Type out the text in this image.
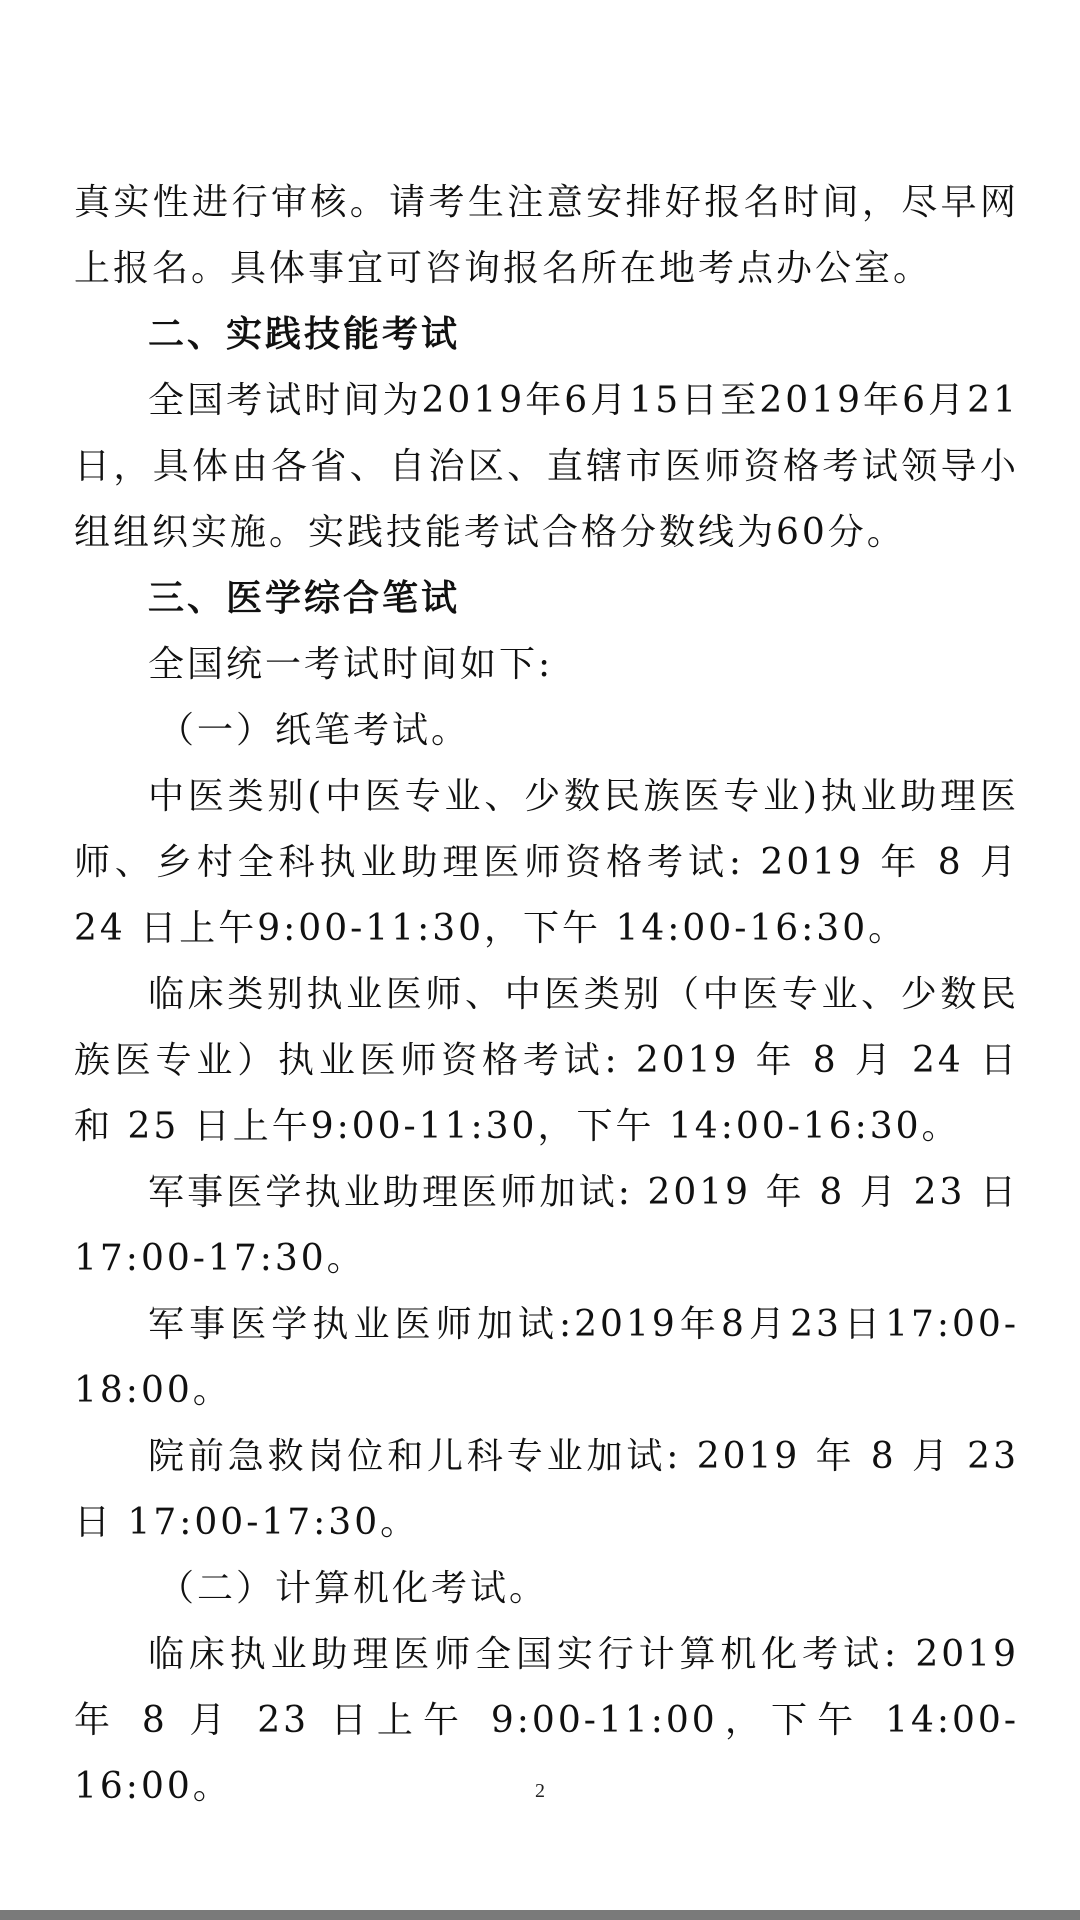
真实性进行审核。请考生注意安排好报名时间，尽早网上报名。具体事宜可咨询报名所在地考点办公室。

二、实践技能考试

全国考试时间为2019年6月15日至2019年6月21日，具体由各省、自治区、直辖市医师资格考试领导小组组织实施。实践技能考试合格分数线为60分。

三、医学综合笔试

全国统一考试时间如下:

（一）纸笔考试。

中医类别(中医专业、少数民族医专业)执业助理医师、乡村全科执业助理医师资格考试: 2019 年 8 月 24 日上午9:00-11:30，下午 14:00-16:30。

临床类别执业医师、中医类别（中医专业、少数民族医专业）执业医师资格考试: 2019 年 8 月 24 日和 25 日上午9:00-11:30，下午 14:00-16:30。

军事医学执业助理医师加试: 2019 年 8 月 23 日 17:00-17:30。

军事医学执业医师加试:2019年8月23日17:00-18:00。

院前急救岗位和儿科专业加试: 2019 年 8 月 23 日 17:00-17:30。

（二）计算机化考试。

临床执业助理医师全国实行计算机化考试: 2019 年 8 月 23 日上午 9:00-11:00，下午 14:00-16:00。	2
